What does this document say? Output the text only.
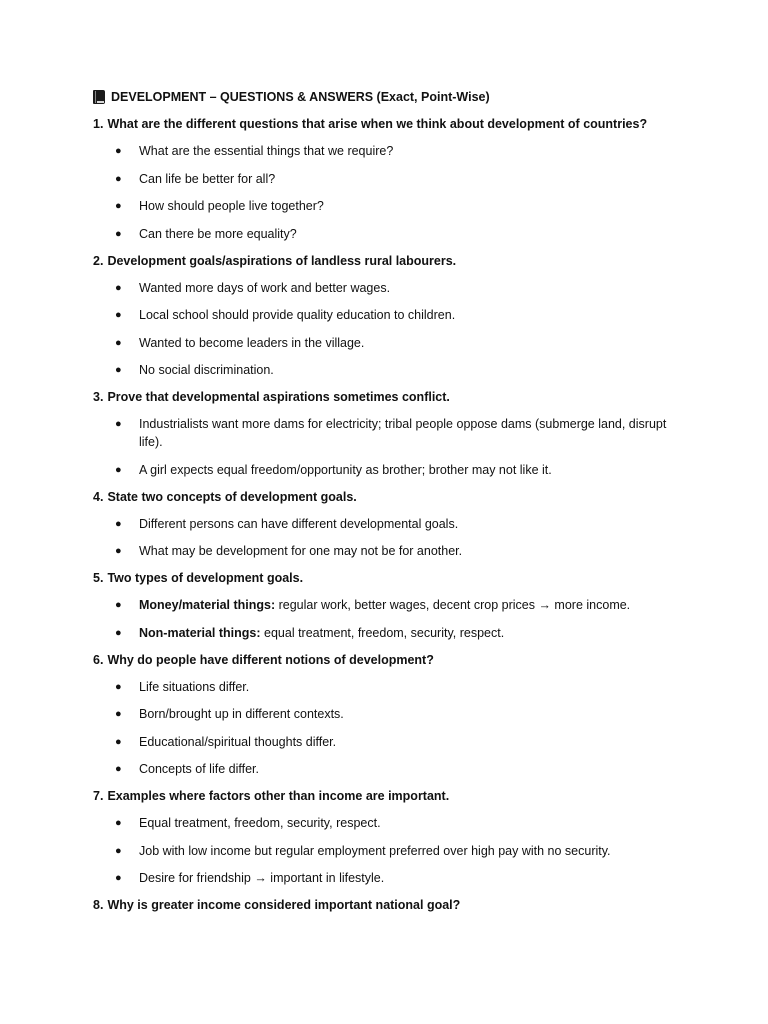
DEVELOPMENT – QUESTIONS & ANSWERS (Exact, Point-Wise)
1. What are the different questions that arise when we think about development of countries?
● What are the essential things that we require?
● Can life be better for all?
● How should people live together?
● Can there be more equality?
2. Development goals/aspirations of landless rural labourers.
● Wanted more days of work and better wages.
● Local school should provide quality education to children.
● Wanted to become leaders in the village.
● No social discrimination.
3. Prove that developmental aspirations sometimes conflict.
● Industrialists want more dams for electricity; tribal people oppose dams (submerge land, disrupt life).
● A girl expects equal freedom/opportunity as brother; brother may not like it.
4. State two concepts of development goals.
● Different persons can have different developmental goals.
● What may be development for one may not be for another.
5. Two types of development goals.
● Money/material things: regular work, better wages, decent crop prices → more income.
● Non-material things: equal treatment, freedom, security, respect.
6. Why do people have different notions of development?
● Life situations differ.
● Born/brought up in different contexts.
● Educational/spiritual thoughts differ.
● Concepts of life differ.
7. Examples where factors other than income are important.
● Equal treatment, freedom, security, respect.
● Job with low income but regular employment preferred over high pay with no security.
● Desire for friendship → important in lifestyle.
8. Why is greater income considered important national goal?
